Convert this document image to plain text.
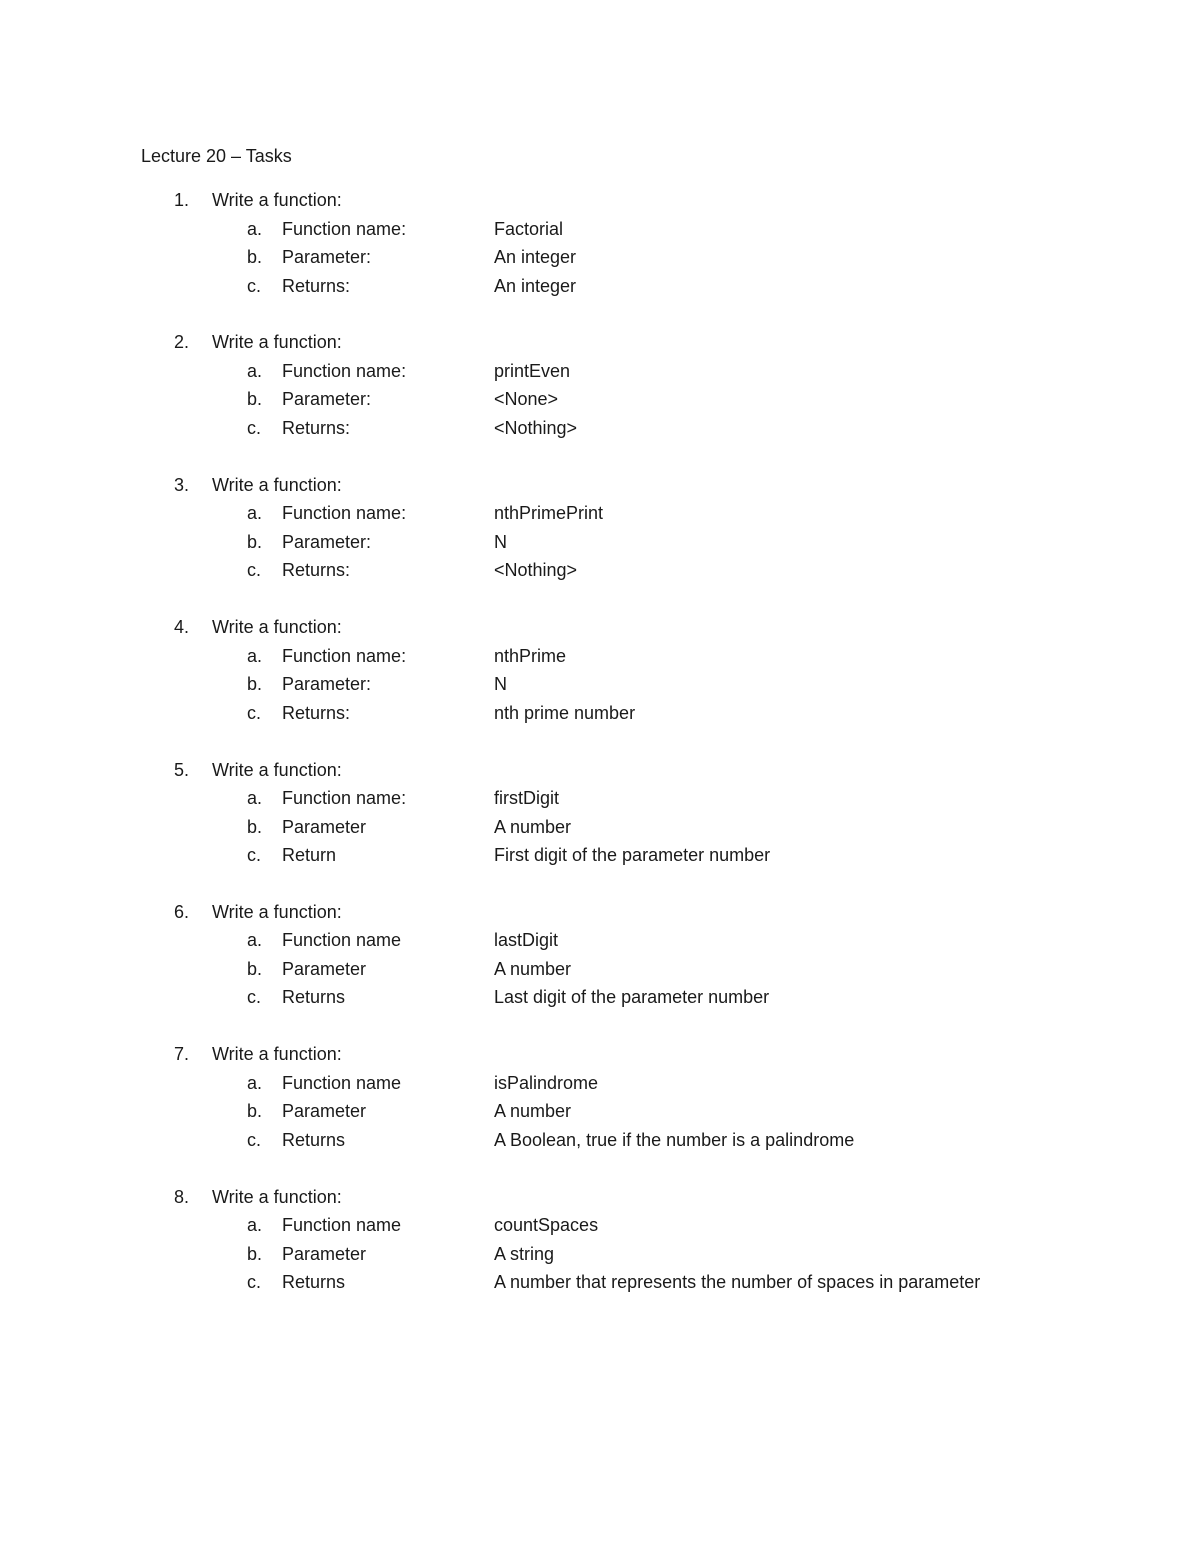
Lecture 20 – Tasks
1.	Write a function:
a.	Function name:	Factorial
b.	Parameter:	An integer
c.	Returns:	An integer
2.	Write a function:
a.	Function name:	printEven
b.	Parameter:	<None>
c.	Returns:	<Nothing>
3.	Write a function:
a.	Function name:	nthPrimePrint
b.	Parameter:	N
c.	Returns:	<Nothing>
4.	Write a function:
a.	Function name:	nthPrime
b.	Parameter:	N
c.	Returns:	nth prime number
5.	Write a function:
a.	Function name:	firstDigit
b.	Parameter	A number
c.	Return	First digit of the parameter number
6.	Write a function:
a.	Function name	lastDigit
b.	Parameter	A number
c.	Returns	Last digit of the parameter number
7.	Write a function:
a.	Function name	isPalindrome
b.	Parameter	A number
c.	Returns	A Boolean, true if the number is a palindrome
8.	Write a function:
a.	Function name	countSpaces
b.	Parameter	A string
c.	Returns	A number that represents the number of spaces in parameter
